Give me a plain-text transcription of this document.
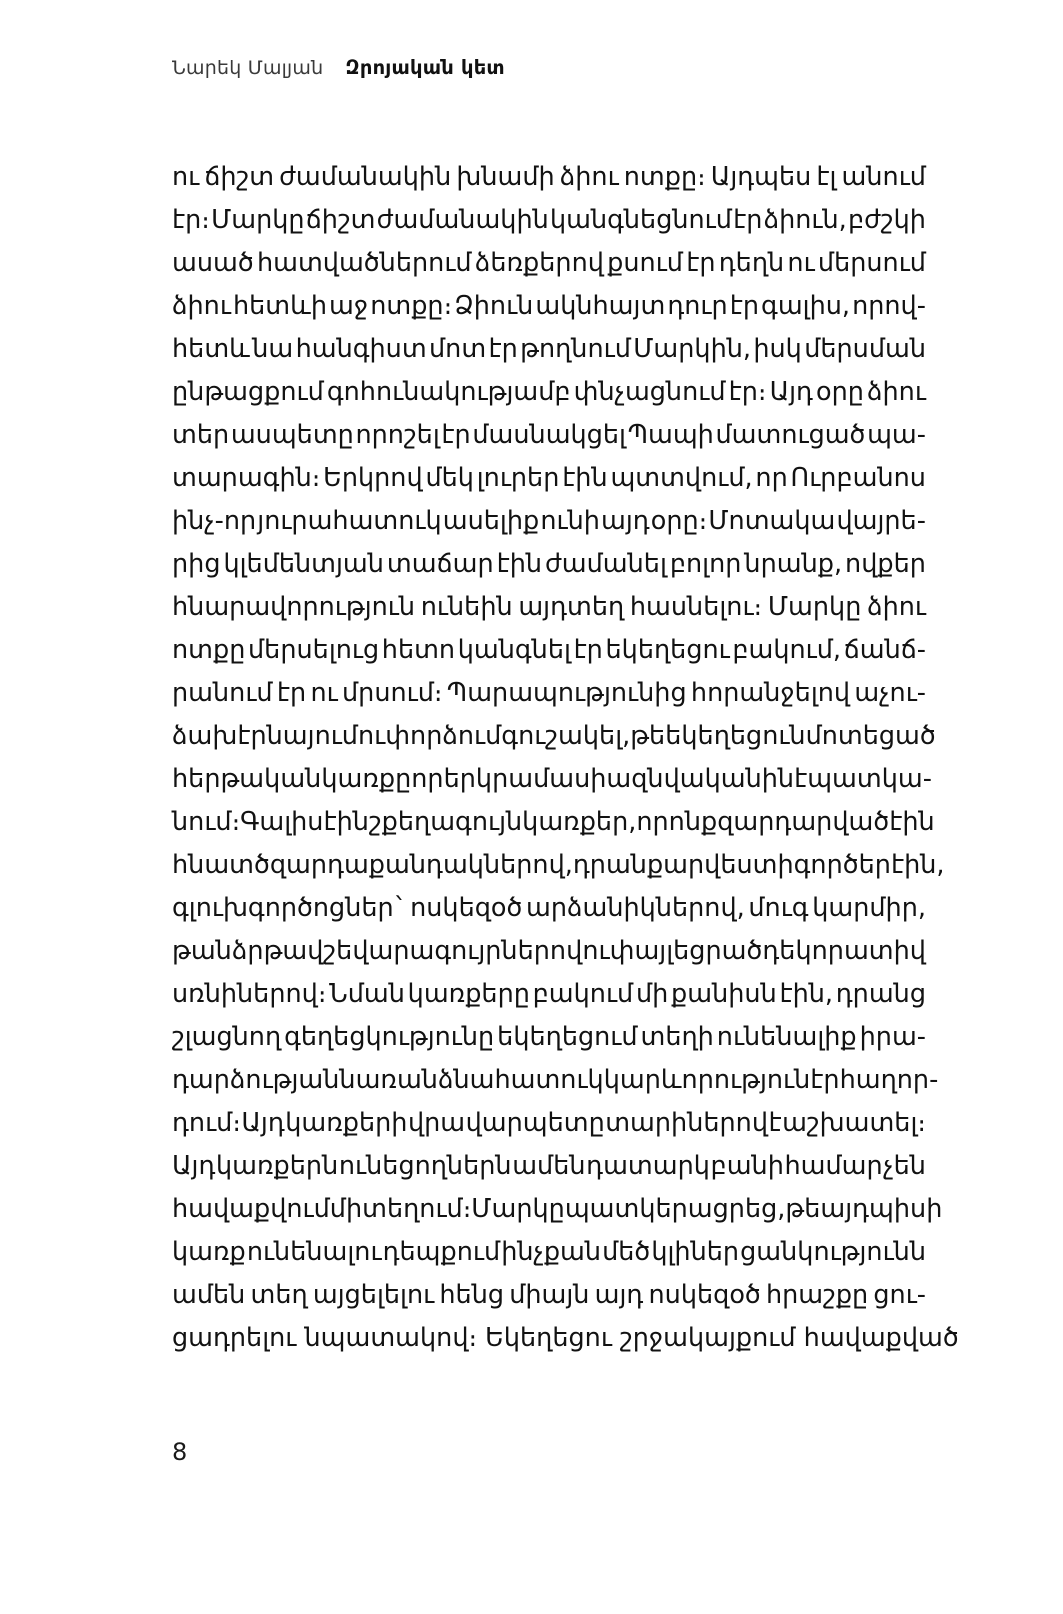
Նարեկ Մալյան Զրոյական կետ
ու ճիշտ ժամանակին խնամի ձիու ոտքը։ Այդպես էլ անում
էր։ Մարկը ճիշտ ժամանակին կանգնեցնում էր ձիուն, բժշկի
ասած հատվածներում ձեռքերով քսում էր դեղն ու մերսում
ձիու հետևի աջ ոտքը։ Ձիուն ակնհայտ դուր էր գալիս, որով-
հետև նա հանգիստ մոտ էր թողնում Մարկին, իսկ մերսման
ընթացքում գոհունակությամբ փնչացնում էր։ Այդ օրը ձիու
տեր ասպետը որոշել էր մասնակցել Պապի մատուցած պա-
տարագին։ Երկրով մեկ լուրեր էին պտտվում, որ Ուրբանոս
ինչ-որ յուրահատուկ ասելիք ունի այդ օրը։ Մոտակա վայրե-
րից կլեմենտյան տաճար էին ժամանել բոլոր նրանք, ովքեր
հնարավորություն ունեին այդտեղ հասնելու։ Մարկը ձիու
ոտքը մերսելուց հետո կանգնել էր եկեղեցու բակում, ճանճ-
րանում էր ու մրսում։ Պարապությունից հորանջելով աչու-
ձախ էր նայում ու փորձում գուշակել, թե եկեղեցուն մոտեցած
հերթական կառքը որ երկրամասի ազնվականին է պատկա-
նում։ Գալիս էին շքեղագույն կառքեր, որոնք զարդարված էին
հնատծ զարդաքանդակներով, դրանք արվեստի գործեր էին,
գլուխգործոցներ` ոսկեզօծ արձանիկներով, մուգ կարմիր,
թանձր թավշե վարագույրներով ու փայլեցրած դեկորատիվ
սռնիներով։ Նման կառքերը բակում մի քանիսն էին, դրանց
շլացնող գեղեցկությունը եկեղեցում տեղի ունենալիք իրա-
դարձությանն առանձնահատուկ կարևորություն էր հաղոր-
դում։ Այդ կառքերի վրա վարպետը տարիներով է աշխատել։
Այդ կառքերն ունեցողներն ամեն դատարկ բանի համար չեն
հավաքվում մի տեղում։ Մարկը պատկերացրեց, թե այդպիսի
կառք ունենալու դեպքում ինչքան մեծ կլիներ ցանկությունն
ամեն տեղ այցելելու հենց միայն այդ ոսկեզօծ հրաշքը ցու-
ցադրելու նպատակով։ Եկեղեցու շրջակայքում հավաքված
8
